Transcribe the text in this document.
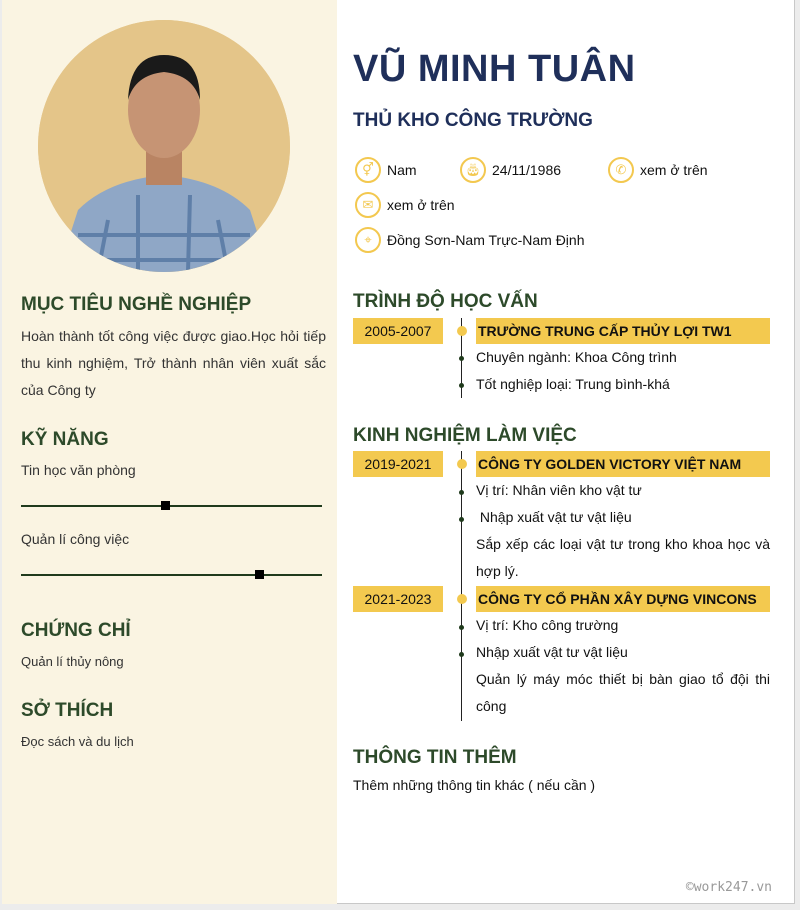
MỤC TIÊU NGHỀ NGHIỆP
Hoàn thành tốt công việc được giao.Học hỏi tiếp thu kinh nghiệm, Trở thành nhân viên xuất sắc của Công ty
KỸ NĂNG
Tin học văn phòng
Quản lí công việc
CHỨNG CHỈ
Quản lí thủy nông
SỞ THÍCH
Đọc sách và du lịch
VŨ MINH TUÂN
THỦ KHO CÔNG TRƯỜNG
⚥ Nam	🎂︎ 24/11/1986	✆ xem ở trên
✉ xem ở trên
⌖	Đồng Sơn-Nam Trực-Nam Định
TRÌNH ĐỘ HỌC VẤN
2005-2007	TRƯỜNG TRUNG CẤP THỦY LỢI TW1
Chuyên ngành: Khoa Công trình
Tốt nghiệp loại: Trung bình-khá
KINH NGHIỆM LÀM VIỆC
2019-2021	CÔNG TY GOLDEN VICTORY VIỆT NAM
Vị trí: Nhân viên kho vật tư
Nhập xuất vật tư vật liệu
Sắp xếp các loại vật tư trong kho khoa học và hợp lý.
2021-2023	CÔNG TY CỔ PHẦN XÂY DỰNG VINCONS
Vị trí: Kho công trường
Nhập xuất vật tư vật liệu
Quản lý máy móc thiết bị bàn giao tổ đội thi công
THÔNG TIN THÊM
Thêm những thông tin khác ( nếu cần )
©work247.vn
